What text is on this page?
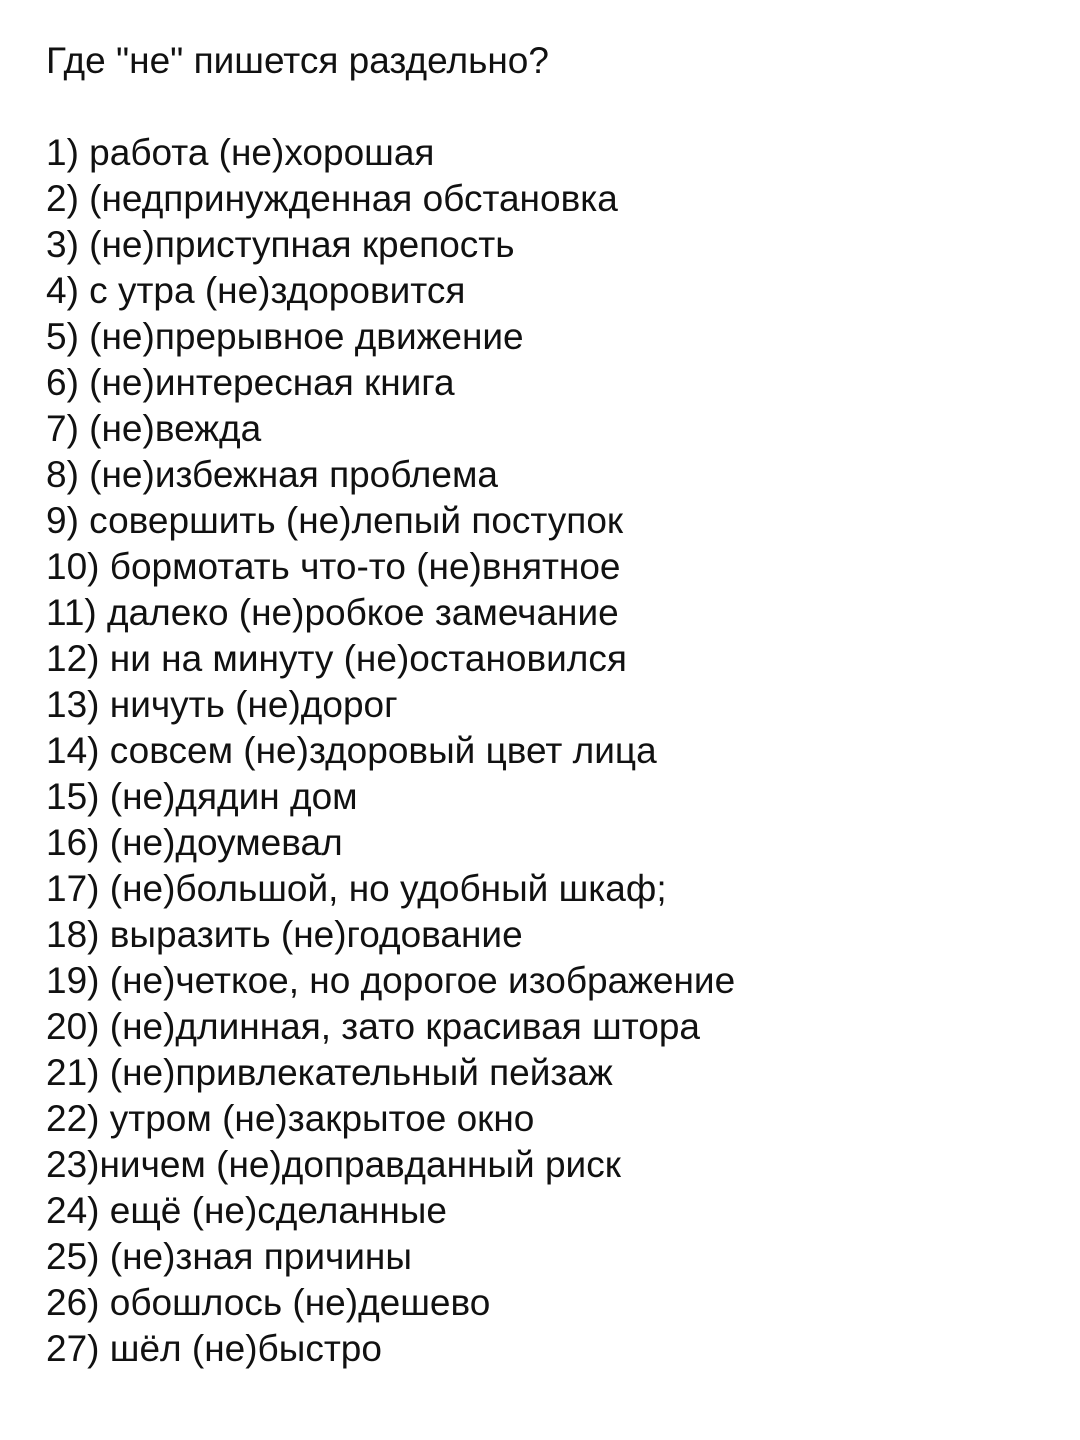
Где "не" пишется раздельно?
1) работа (не)хорошая
2) (недпринужденная обстановка
3) (не)приступная крепость
4) с утра (не)здоровится
5) (не)прерывное движение
6) (не)интересная книга
7) (не)вежда
8) (не)избежная проблема
9) совершить (не)лепый поступок
10) бормотать что-то (не)внятное
11) далеко (не)робкое замечание
12) ни на минуту (не)остановился
13) ничуть (не)дорог
14) совсем (не)здоровый цвет лица
15) (не)дядин дом
16) (не)доумевал
17) (не)большой, но удобный шкаф;
18) выразить (не)годование
19) (не)четкое, но дорогое изображение
20) (не)длинная, зато красивая штора
21) (не)привлекательный пейзаж
22) утром (не)закрытое окно
23)ничем (не)доправданный риск
24) ещё (не)сделанные
25) (не)зная причины
26) обошлось (не)дешево
27) шёл (не)быстро
